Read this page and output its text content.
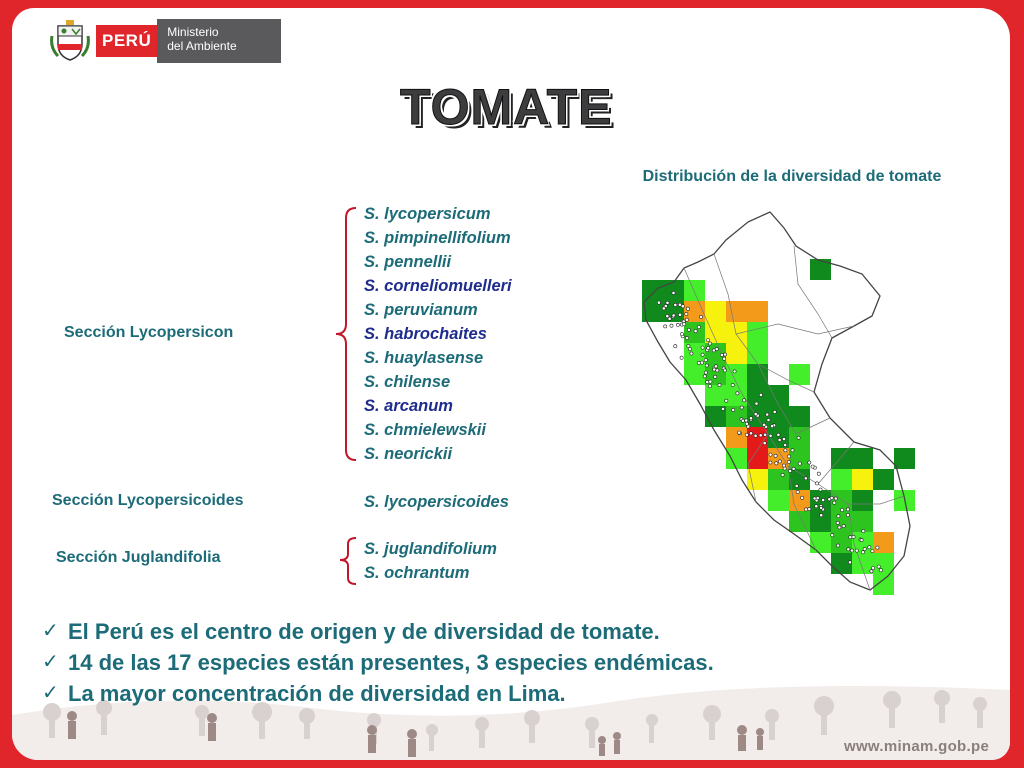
PERÚ	Ministerio
del Ambiente
TOMATE
Distribución de la diversidad de tomate
Sección Lycopersicon
S. lycopersicum
S. pimpinellifolium
S. pennellii
S. corneliomuelleri
S. peruvianum
S. habrochaites
S. huaylasense
S. chilense
S. arcanum
S. chmielewskii
S. neorickii
Sección Lycopersicoides	S. lycopersicoides
Sección Juglandifolia	S. juglandifolium
S. ochrantum
✓ El Perú es el centro de origen y de diversidad de tomate.
✓ 14 de las 17 especies están presentes, 3 especies endémicas.
✓ La mayor concentración de diversidad en Lima.
www.minam.gob.pe
